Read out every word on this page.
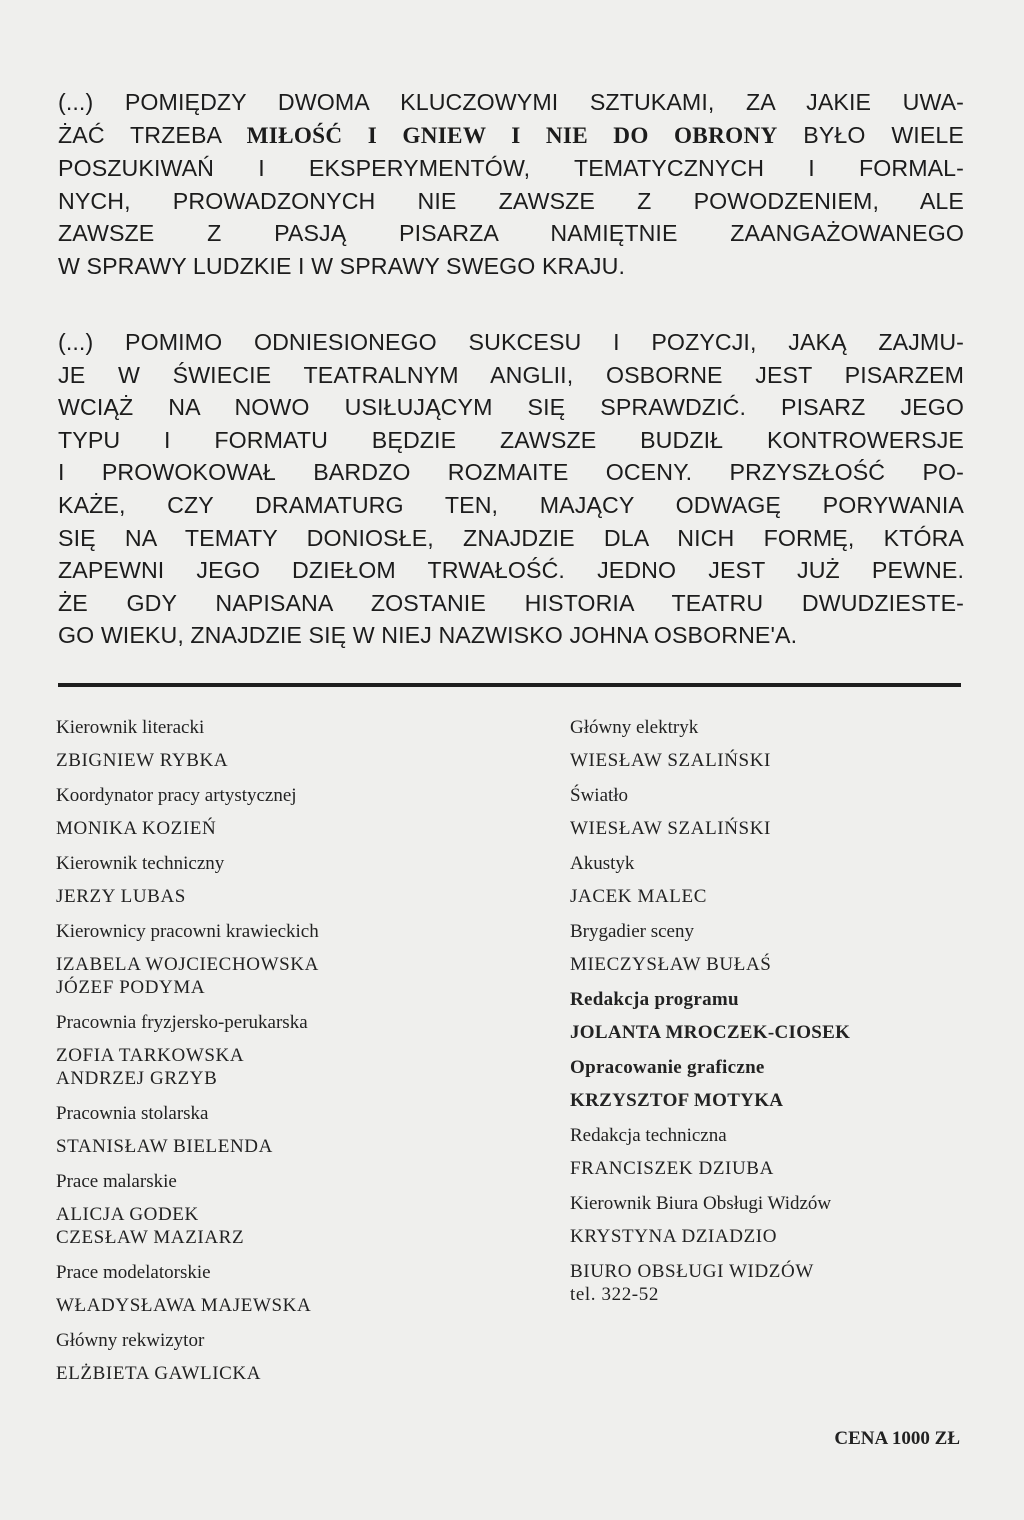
(...) POMIĘDZY DWOMA KLUCZOWYMI SZTUKAMI, ZA JAKIE UWA-
ŻAĆ TRZEBA MIŁOŚĆ I GNIEW I NIE DO OBRONY BYŁO WIELE
POSZUKIWAŃ I EKSPERYMENTÓW, TEMATYCZNYCH I FORMAL-
NYCH, PROWADZONYCH NIE ZAWSZE Z POWODZENIEM, ALE
ZAWSZE Z PASJĄ PISARZA NAMIĘTNIE ZAANGAŻOWANEGO
W SPRAWY LUDZKIE I W SPRAWY SWEGO KRAJU.
(...) POMIMO ODNIESIONEGO SUKCESU I POZYCJI, JAKĄ ZAJMU-
JE W ŚWIECIE TEATRALNYM ANGLII, OSBORNE JEST PISARZEM
WCIĄŻ NA NOWO USIŁUJĄCYM SIĘ SPRAWDZIĆ. PISARZ JEGO
TYPU I FORMATU BĘDZIE ZAWSZE BUDZIŁ KONTROWERSJE
I PROWOKOWAŁ BARDZO ROZMAITE OCENY. PRZYSZŁOŚĆ PO-
KAŻE, CZY DRAMATURG TEN, MAJĄCY ODWAGĘ PORYWANIA
SIĘ NA TEMATY DONIOSŁE, ZNAJDZIE DLA NICH FORMĘ, KTÓRA
ZAPEWNI JEGO DZIEŁOM TRWAŁOŚĆ. JEDNO JEST JUŻ PEWNE.
ŻE GDY NAPISANA ZOSTANIE HISTORIA TEATRU DWUDZIESTE-
GO WIEKU, ZNAJDZIE SIĘ W NIEJ NAZWISKO JOHNA OSBORNE'A.
Kierownik literacki
ZBIGNIEW RYBKA
Koordynator pracy artystycznej
MONIKA KOZIEŃ
Kierownik techniczny
JERZY LUBAS
Kierownicy pracowni krawieckich
IZABELA WOJCIECHOWSKA
JÓZEF PODYMA
Pracownia fryzjersko-perukarska
ZOFIA TARKOWSKA
ANDRZEJ GRZYB
Pracownia stolarska
STANISŁAW BIELENDA
Prace malarskie
ALICJA GODEK
CZESŁAW MAZIARZ
Prace modelatorskie
WŁADYSŁAWA MAJEWSKA
Główny rekwizytor
ELŻBIETA GAWLICKA
Główny elektryk
WIESŁAW SZALIŃSKI
Światło
WIESŁAW SZALIŃSKI
Akustyk
JACEK MALEC
Brygadier sceny
MIECZYSŁAW BUŁAŚ
Redakcja programu
JOLANTA MROCZEK-CIOSEK
Opracowanie graficzne
KRZYSZTOF MOTYKA
Redakcja techniczna
FRANCISZEK DZIUBA
Kierownik Biura Obsługi Widzów
KRYSTYNA DZIADZIO
BIURO OBSŁUGI WIDZÓW
tel. 322-52
CENA 1000 ZŁ
